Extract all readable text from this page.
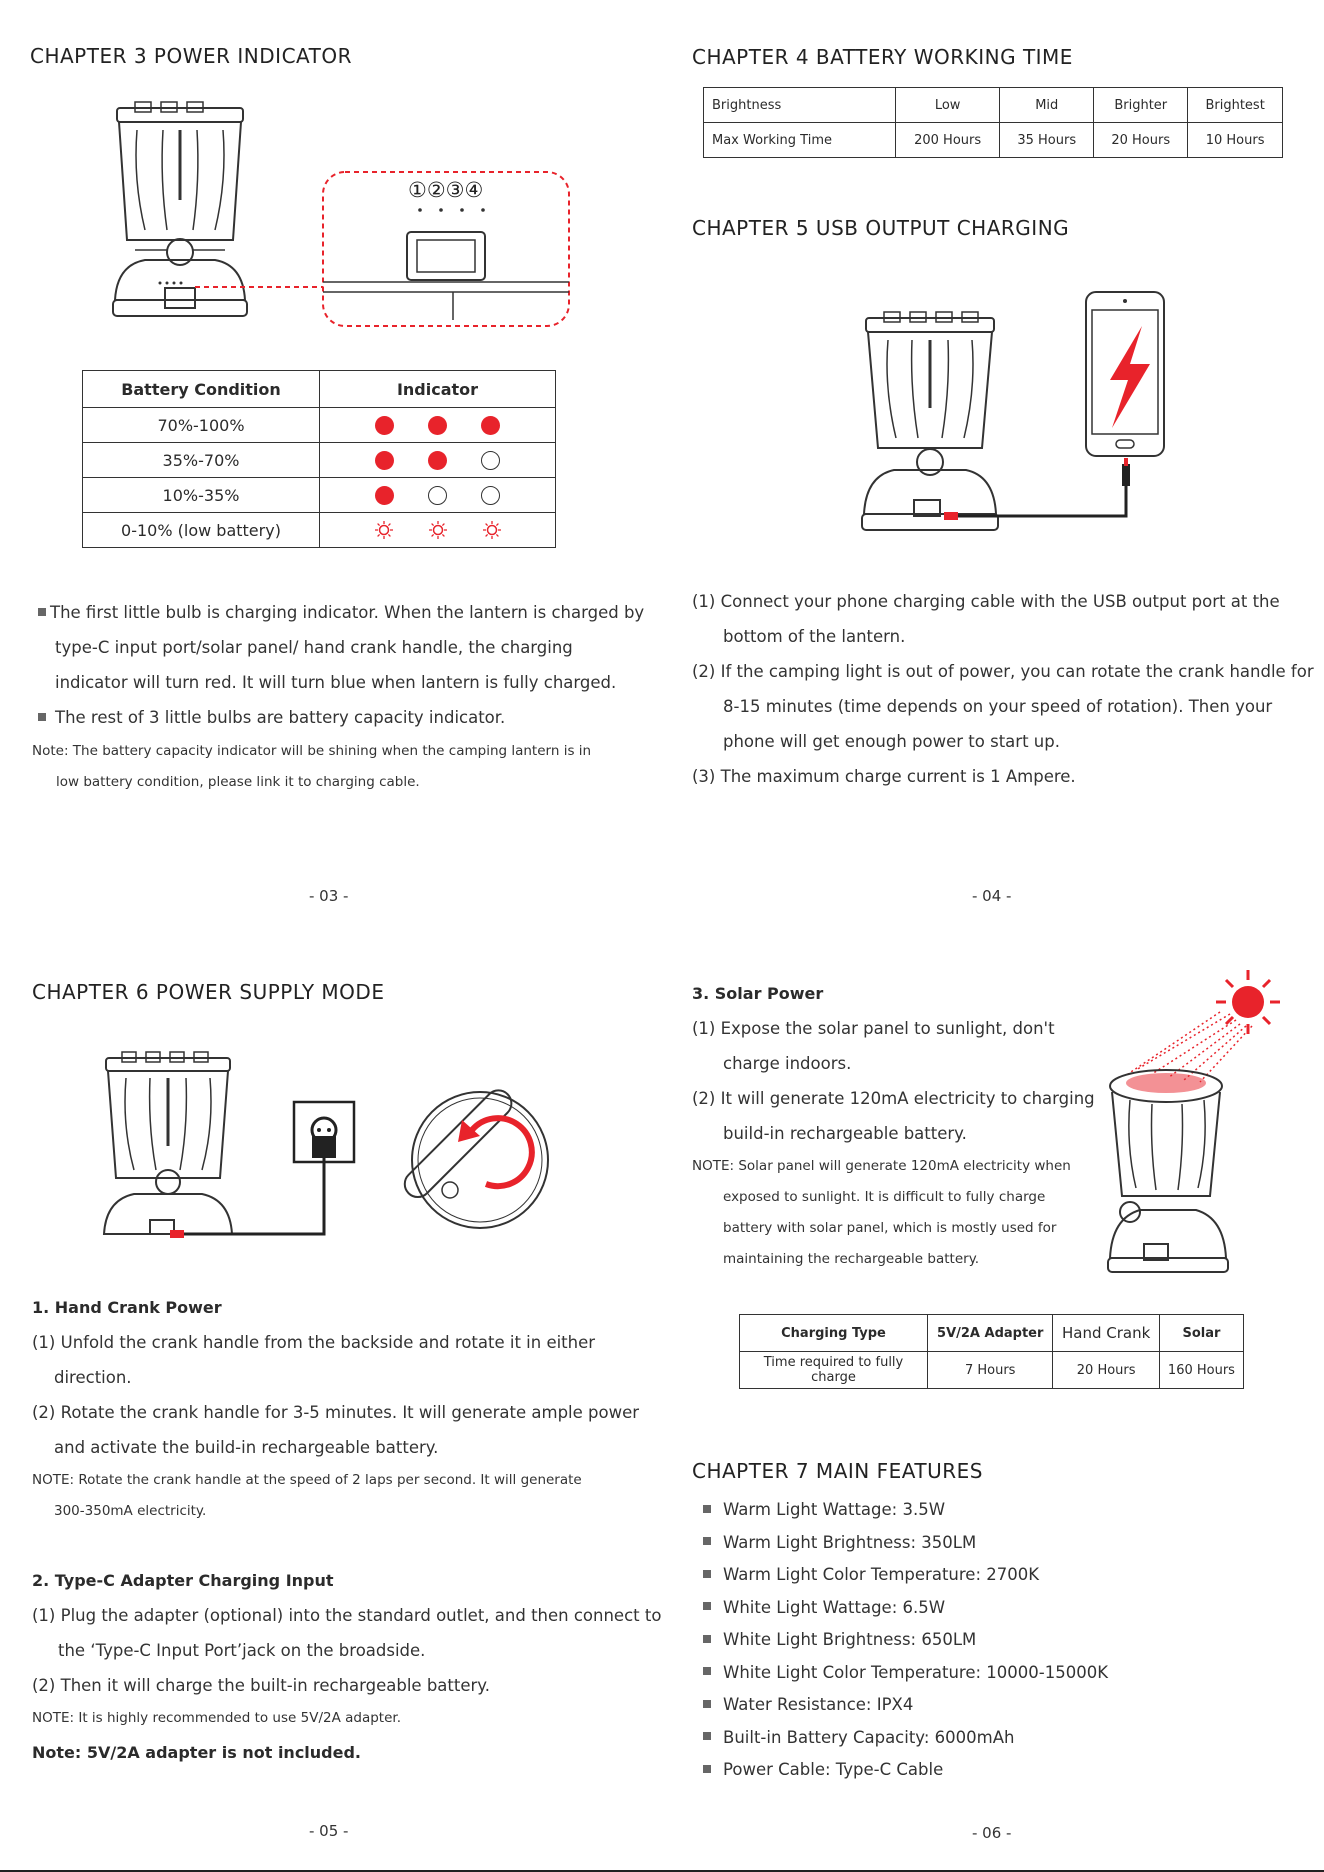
CHAPTER 3 POWER INDICATOR
①②③④
Battery Condition	Indicator
70%-100%	
35%-70%	
10%-35%	
0-10% (low battery)	
The first little bulb is charging indicator. When the lantern is charged by
type-C input port/solar panel/ hand crank handle, the charging
indicator will turn red. It will turn blue when lantern is fully charged.
The rest of 3 little bulbs are battery capacity indicator.
Note: The battery capacity indicator will be shining when the camping lantern is in
low battery condition, please link it to charging cable.
- 03 -
CHAPTER 4 BATTERY WORKING TIME
Brightness	Low	Mid	Brighter	Brightest
Max Working Time	200 Hours	35 Hours	20 Hours	10 Hours
CHAPTER 5 USB OUTPUT CHARGING
(1) Connect your phone charging cable with the USB output port at the
bottom of the lantern.
(2) If the camping light is out of power, you can rotate the crank handle for
8-15 minutes (time depends on your speed of rotation). Then your
phone will get enough power to start up.
(3) The maximum charge current is 1 Ampere.
- 04 -
CHAPTER 6 POWER SUPPLY MODE
1. Hand Crank Power
(1) Unfold the crank handle from the backside and rotate it in either
direction.
(2) Rotate the crank handle for 3-5 minutes. It will generate ample power
and activate the build-in rechargeable battery.
NOTE: Rotate the crank handle at the speed of 2 laps per second. It will generate
300-350mA electricity.
2. Type-C Adapter Charging Input
(1) Plug the adapter (optional) into the standard outlet, and then connect to
the ‘Type-C Input Port’jack on the broadside.
(2) Then it will charge the built-in rechargeable battery.
NOTE: It is highly recommended to use 5V/2A adapter.
Note: 5V/2A adapter is not included.
- 05 -
3. Solar Power
(1) Expose the solar panel to sunlight, don't
charge indoors.
(2) It will generate 120mA electricity to charging
build-in rechargeable battery.
NOTE: Solar panel will generate 120mA electricity when
exposed to sunlight. It is difficult to fully charge
battery with solar panel, which is mostly used for
maintaining the rechargeable battery.
Charging Type	5V/2A Adapter	Hand Crank	Solar
Time required to fully charge	7 Hours	20 Hours	160 Hours
CHAPTER 7 MAIN FEATURES
Warm Light Wattage: 3.5W
Warm Light Brightness: 350LM
Warm Light Color Temperature: 2700K
White Light Wattage: 6.5W
White Light Brightness: 650LM
White Light Color Temperature: 10000-15000K
Water Resistance: IPX4
Built-in Battery Capacity: 6000mAh
Power Cable: Type-C Cable
- 06 -
